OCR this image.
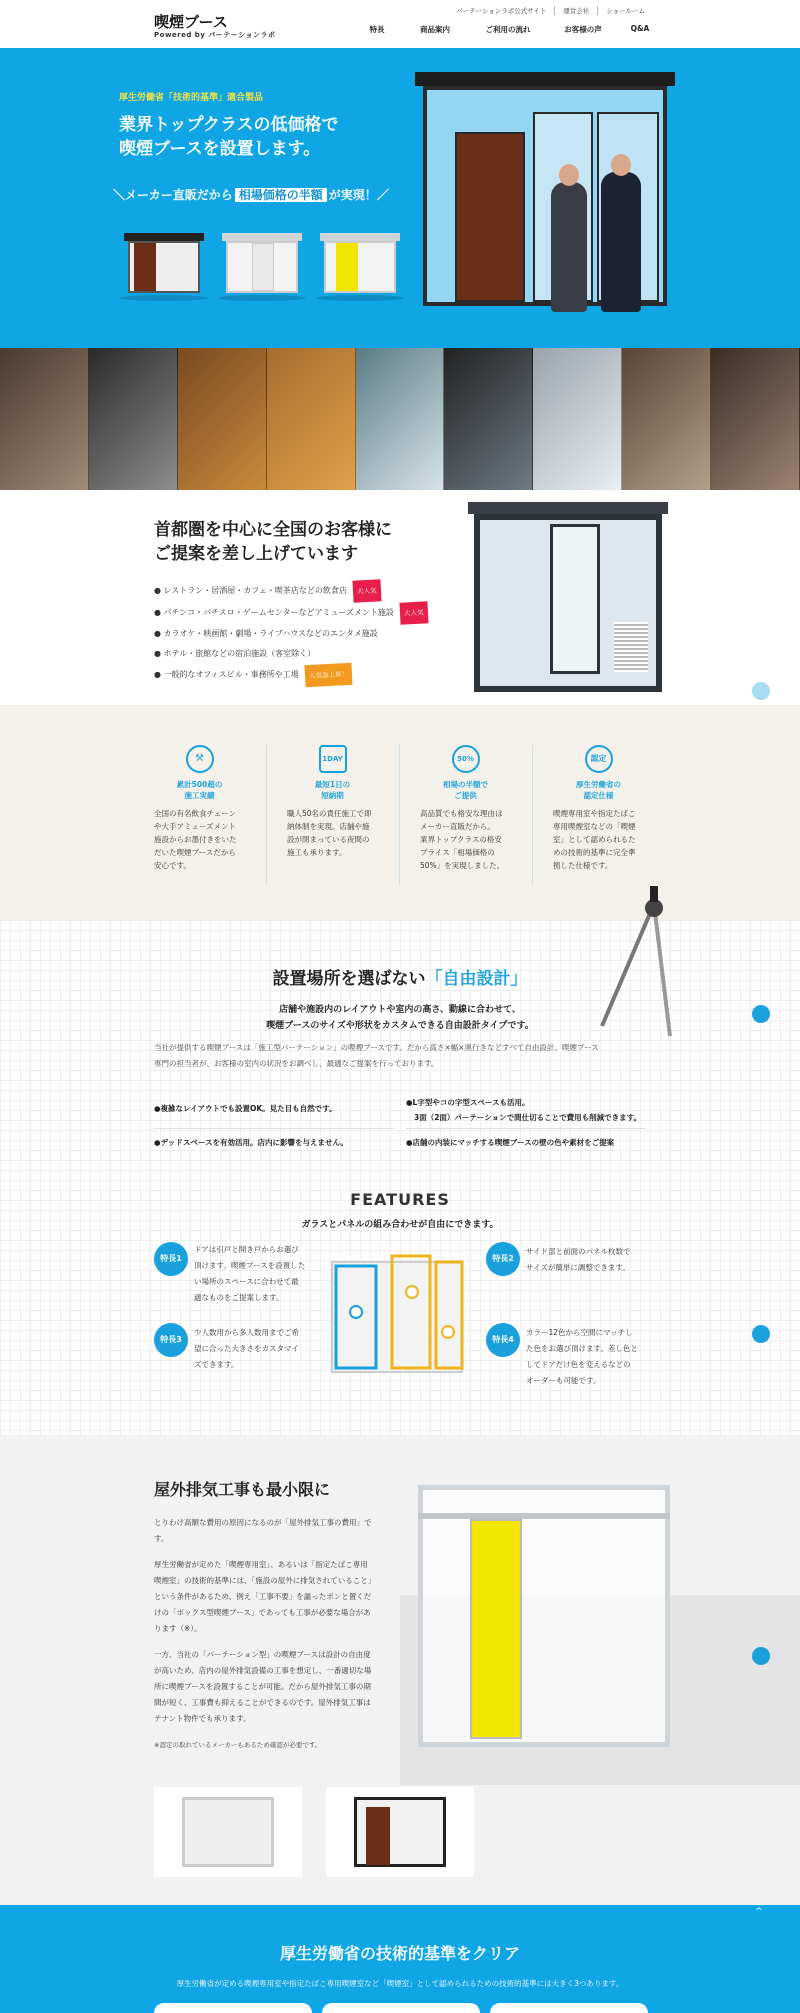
喫煙ブース
Powered by パーテーションラボ
パーテーションラボ公式サイト	運営会社	ショールーム
特長	商品案内	ご利用の流れ	お客様の声	Q&A
厚生労働省「技術的基準」適合製品
業界トップクラスの低価格で
喫煙ブースを設置します。
＼メーカー直販だから 相場価格の半額 が実現！／
首都圏を中心に全国のお客様に
ご提案を差し上げています
● レストラン・居酒屋・カフェ・喫茶店などの飲食店	大人気
● パチンコ・パチスロ・ゲームセンターなどアミューズメント施設	大人気
● カラオケ・映画館・劇場・ライブハウスなどのエンタメ施設
● ホテル・旅館などの宿泊施設（客室除く）
● 一般的なオフィスビル・事務所や工場	人気急上昇！
⚒
累計500超の
施工実績

全国の有名飲食チェーン
や大手アミューズメント
施設からお墨付きをいた
だいた喫煙ブースだから
安心です。

1DAY
最短1日の
短納期

職人50名の責任施工で即
納体制を実現。店舗や施
設が閉まっている夜間の
施工も承ります。

50%
相場の半額で
ご提供

高品質でも格安な理由は
メーカー直販だから。
業界トップクラスの格安
プライス「相場価格の
50%」を実現しました。

認定
厚生労働省の
認定仕様

喫煙専用室や指定たばこ
専用喫煙室などの「喫煙
室」として認められるた
めの技術的基準に完全準
拠した仕様です。

設置場所を選ばない「自由設計」
店舗や施設内のレイアウトや室内の高さ、動線に合わせて、
喫煙ブースのサイズや形状をカスタムできる自由設計タイプです。
当社が提供する喫煙ブースは「施工型パーテーション」の喫煙ブースです。だから高さ×幅×奥行きなどすべて自由設計。喫煙ブース
専門の担当者が、お客様の室内の状況をお調べし、最適なご提案を行っております。
●複雑なレイアウトでも設置OK。見た目も自然です。
●L字型やコの字型スペースも活用。
3面（2面）パーテーションで間仕切ることで費用も削減できます。
●デッドスペースを有効活用。店内に影響を与えません。	●店舗の内装にマッチする喫煙ブースの壁の色や素材をご提案
FEATURES
ガラスとパネルの組み合わせが自由にできます。
特長1
ドアは引戸と開き戸からお選び
頂けます。喫煙ブースを設置した
い場所のスペースに合わせて最
適なものをご提案します。
特長2
サイド部と前面のパネル枚数で
サイズが簡単に調整できます。
特長3
少人数用から多人数用までご希
望に合った大きさをカスタマイ
ズできます。
特長4
カラー12色から空間にマッチし
た色をお選び頂けます。差し色と
してドアだけ色を変えるなどの
オーダーも可能です。
屋外排気工事も最小限に

とりわけ高額な費用の原因になるのが「屋外排気工事の費用」です。

厚生労働省が定めた「喫煙専用室」、あるいは「指定たばこ専用喫煙室」の技術的基準には、「施設の屋外に排気されていること」という条件があるため、例え「工事不要」を謳ったポンと置くだけの「ボックス型喫煙ブース」であっても工事が必要な場合があります（※）。

一方、当社の「パーテーション型」の喫煙ブースは設計の自由度が高いため、店内の屋外排気設備の工事を想定し、一番適切な場所に喫煙ブースを設置することが可能。だから屋外排気工事の期間が短く、工事費も抑えることができるのです。屋外排気工事はテナント物件でも承ります。

※認定の取れているメーカーもあるため確認が必要です。
厚生労働省の技術的基準をクリア
厚生労働省が定める喫煙専用室や指定たばこ専用喫煙室など「喫煙室」として認められるための技術的基準には大きく3つあります。
^
